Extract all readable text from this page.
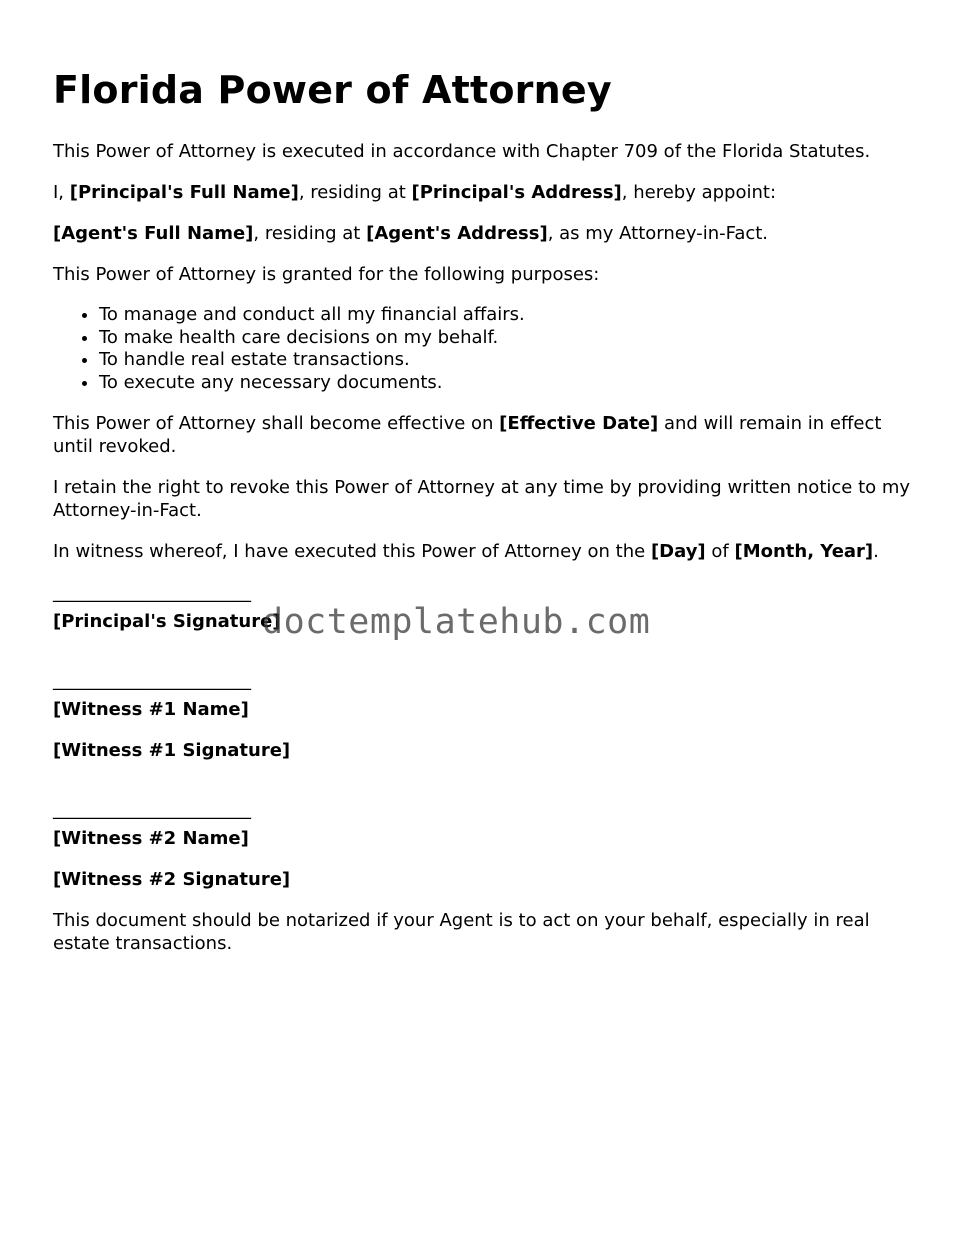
Florida Power of Attorney

This Power of Attorney is executed in accordance with Chapter 709 of the Florida Statutes.

I, [Principal's Full Name], residing at [Principal's Address], hereby appoint:

[Agent's Full Name], residing at [Agent's Address], as my Attorney-in-Fact.

This Power of Attorney is granted for the following purposes:

• To manage and conduct all my financial affairs.
• To make health care decisions on my behalf.
• To handle real estate transactions.
• To execute any necessary documents.

This Power of Attorney shall become effective on [Effective Date] and will remain in effect until revoked.

I retain the right to revoke this Power of Attorney at any time by providing written notice to my Attorney-in-Fact.

In witness whereof, I have executed this Power of Attorney on the [Day] of [Month, Year].

______________________
[Principal's Signature]
______________________

[Witness #1 Name]

[Witness #1 Signature]

______________________

[Witness #2 Name]

[Witness #2 Signature]

This document should be notarized if your Agent is to act on your behalf, especially in real estate transactions.

doctemplatehub.com
